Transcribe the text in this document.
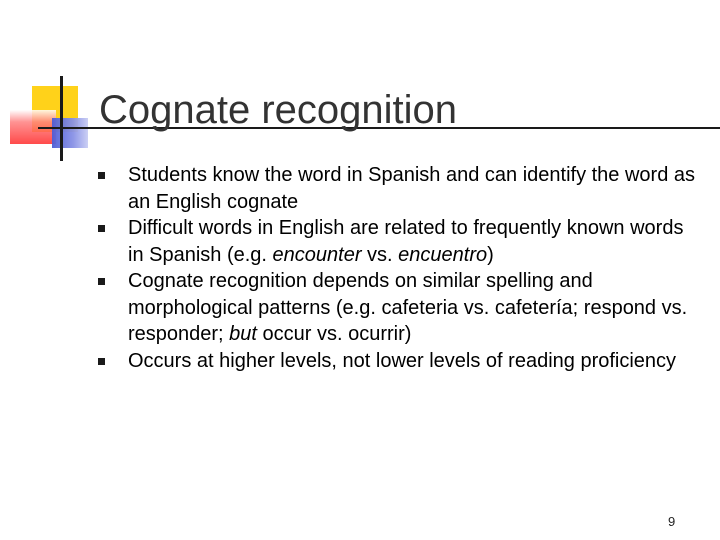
Cognate recognition
Students know the word in Spanish and can identify the word as an English cognate
Difficult words in English are related to frequently known words in Spanish (e.g. encounter vs. encuentro)
Cognate recognition depends on similar spelling and morphological patterns (e.g. cafeteria vs. cafetería; respond vs. responder; but occur vs. ocurrir)
Occurs at higher levels, not lower levels of reading proficiency
9
